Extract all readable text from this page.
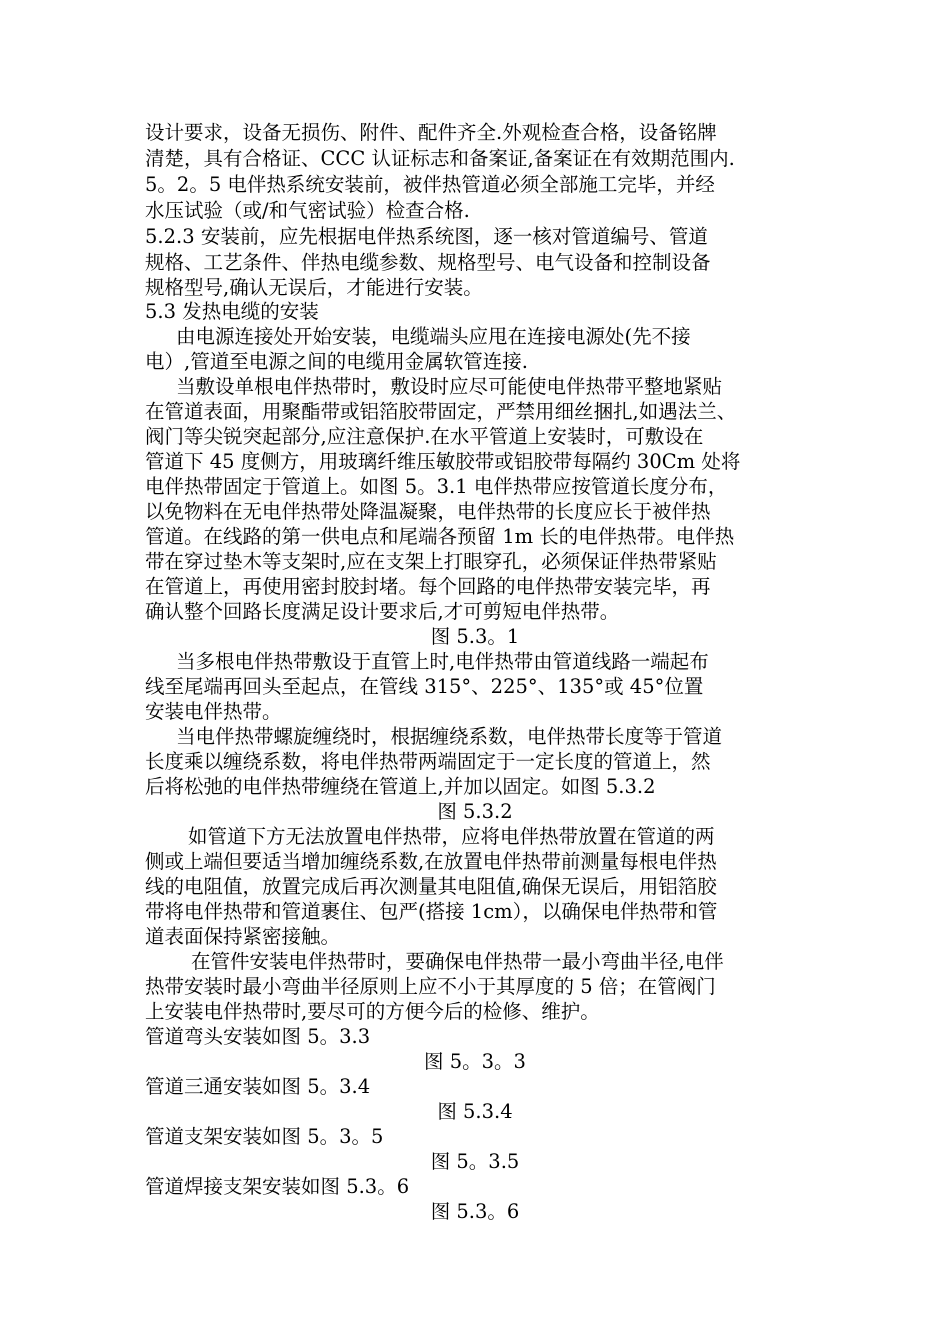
设计要求，设备无损伤、附件、配件齐全.外观检查合格，设备铭牌
清楚，具有合格证、CCC 认证标志和备案证,备案证在有效期范围内.
5。2。5 电伴热系统安装前，被伴热管道必须全部施工完毕，并经
水压试验（或/和气密试验）检查合格.
5.2.3 安装前，应先根据电伴热系统图，逐一核对管道编号、管道
规格、工艺条件、伴热电缆参数、规格型号、电气设备和控制设备
规格型号,确认无误后，才能进行安装。
5.3 发热电缆的安装
由电源连接处开始安装，电缆端头应甩在连接电源处(先不接
电）,管道至电源之间的电缆用金属软管连接.
当敷设单根电伴热带时，敷设时应尽可能使电伴热带平整地紧贴
在管道表面，用聚酯带或铝箔胶带固定，严禁用细丝捆扎,如遇法兰、
阀门等尖锐突起部分,应注意保护.在水平管道上安装时，可敷设在
管道下 45 度侧方，用玻璃纤维压敏胶带或铝胶带每隔约 30Cm 处将
电伴热带固定于管道上。如图 5。3.1 电伴热带应按管道长度分布，
以免物料在无电伴热带处降温凝聚，电伴热带的长度应长于被伴热
管道。在线路的第一供电点和尾端各预留 1m 长的电伴热带。电伴热
带在穿过垫木等支架时,应在支架上打眼穿孔，必须保证伴热带紧贴
在管道上，再使用密封胶封堵。每个回路的电伴热带安装完毕，再
确认整个回路长度满足设计要求后,才可剪短电伴热带。
图 5.3。1
当多根电伴热带敷设于直管上时,电伴热带由管道线路一端起布
线至尾端再回头至起点，在管线 315°、225°、135°或 45°位置
安装电伴热带。
当电伴热带螺旋缠绕时，根据缠绕系数，电伴热带长度等于管道
长度乘以缠绕系数，将电伴热带两端固定于一定长度的管道上，然
后将松弛的电伴热带缠绕在管道上,并加以固定。如图 5.3.2
图 5.3.2
如管道下方无法放置电伴热带，应将电伴热带放置在管道的两
侧或上端但要适当增加缠绕系数,在放置电伴热带前测量每根电伴热
线的电阻值，放置完成后再次测量其电阻值,确保无误后，用铝箔胶
带将电伴热带和管道裹住、包严(搭接 1cm），以确保电伴热带和管
道表面保持紧密接触。
在管件安装电伴热带时，要确保电伴热带一最小弯曲半径,电伴
热带安装时最小弯曲半径原则上应不小于其厚度的 5 倍；在管阀门
上安装电伴热带时,要尽可的方便今后的检修、维护。
管道弯头安装如图 5。3.3
图 5。3。3
管道三通安装如图 5。3.4
图 5.3.4
管道支架安装如图 5。3。5
图 5。3.5
管道焊接支架安装如图 5.3。6
图 5.3。6
